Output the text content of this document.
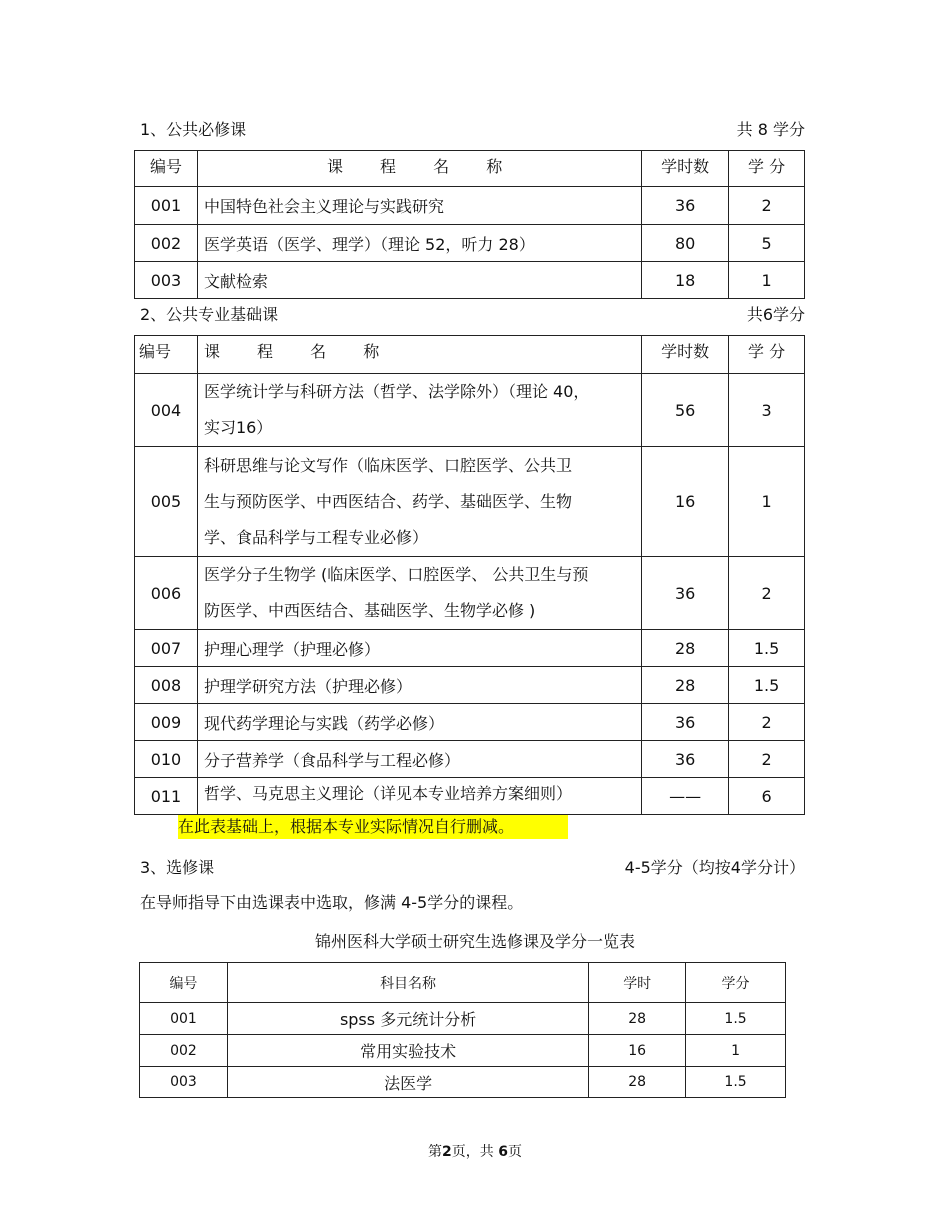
1、公共必修课	共 8 学分
编号	课 程 名 称	学时数	学 分
001	中国特色社会主义理论与实践研究	36	2
002	医学英语（医学、理学）（理论 52，听力 28）	80	5
003	文献检索	18	1
2、公共专业基础课	共6学分
编号	课 程 名 称	学时数	学 分
004	医学统计学与科研方法（哲学、法学除外）（理论 40，
实习16）	56	3
005	科研思维与论文写作（临床医学、口腔医学、公共卫
生与预防医学、中西医结合、药学、基础医学、生物
学、食品科学与工程专业必修）	16	1
006	医学分子生物学 (临床医学、口腔医学、 公共卫生与预
防医学、中西医结合、基础医学、生物学必修 )	36	2
007	护理心理学（护理必修）	28	1.5
008	护理学研究方法（护理必修）	28	1.5
009	现代药学理论与实践（药学必修）	36	2
010	分子营养学（食品科学与工程必修）	36	2
011	哲学、马克思主义理论（详见本专业培养方案细则）	——	6
在此表基础上，根据本专业实际情况自行删减。
3、选修课	4-5学分（均按4学分计）
在导师指导下由选课表中选取，修满 4-5学分的课程。
锦州医科大学硕士研究生选修课及学分一览表
编号	科目名称	学时	学分
001	spss 多元统计分析	28	1.5
002	常用实验技术	16	1
003	法医学	28	1.5
第2页，共 6页
